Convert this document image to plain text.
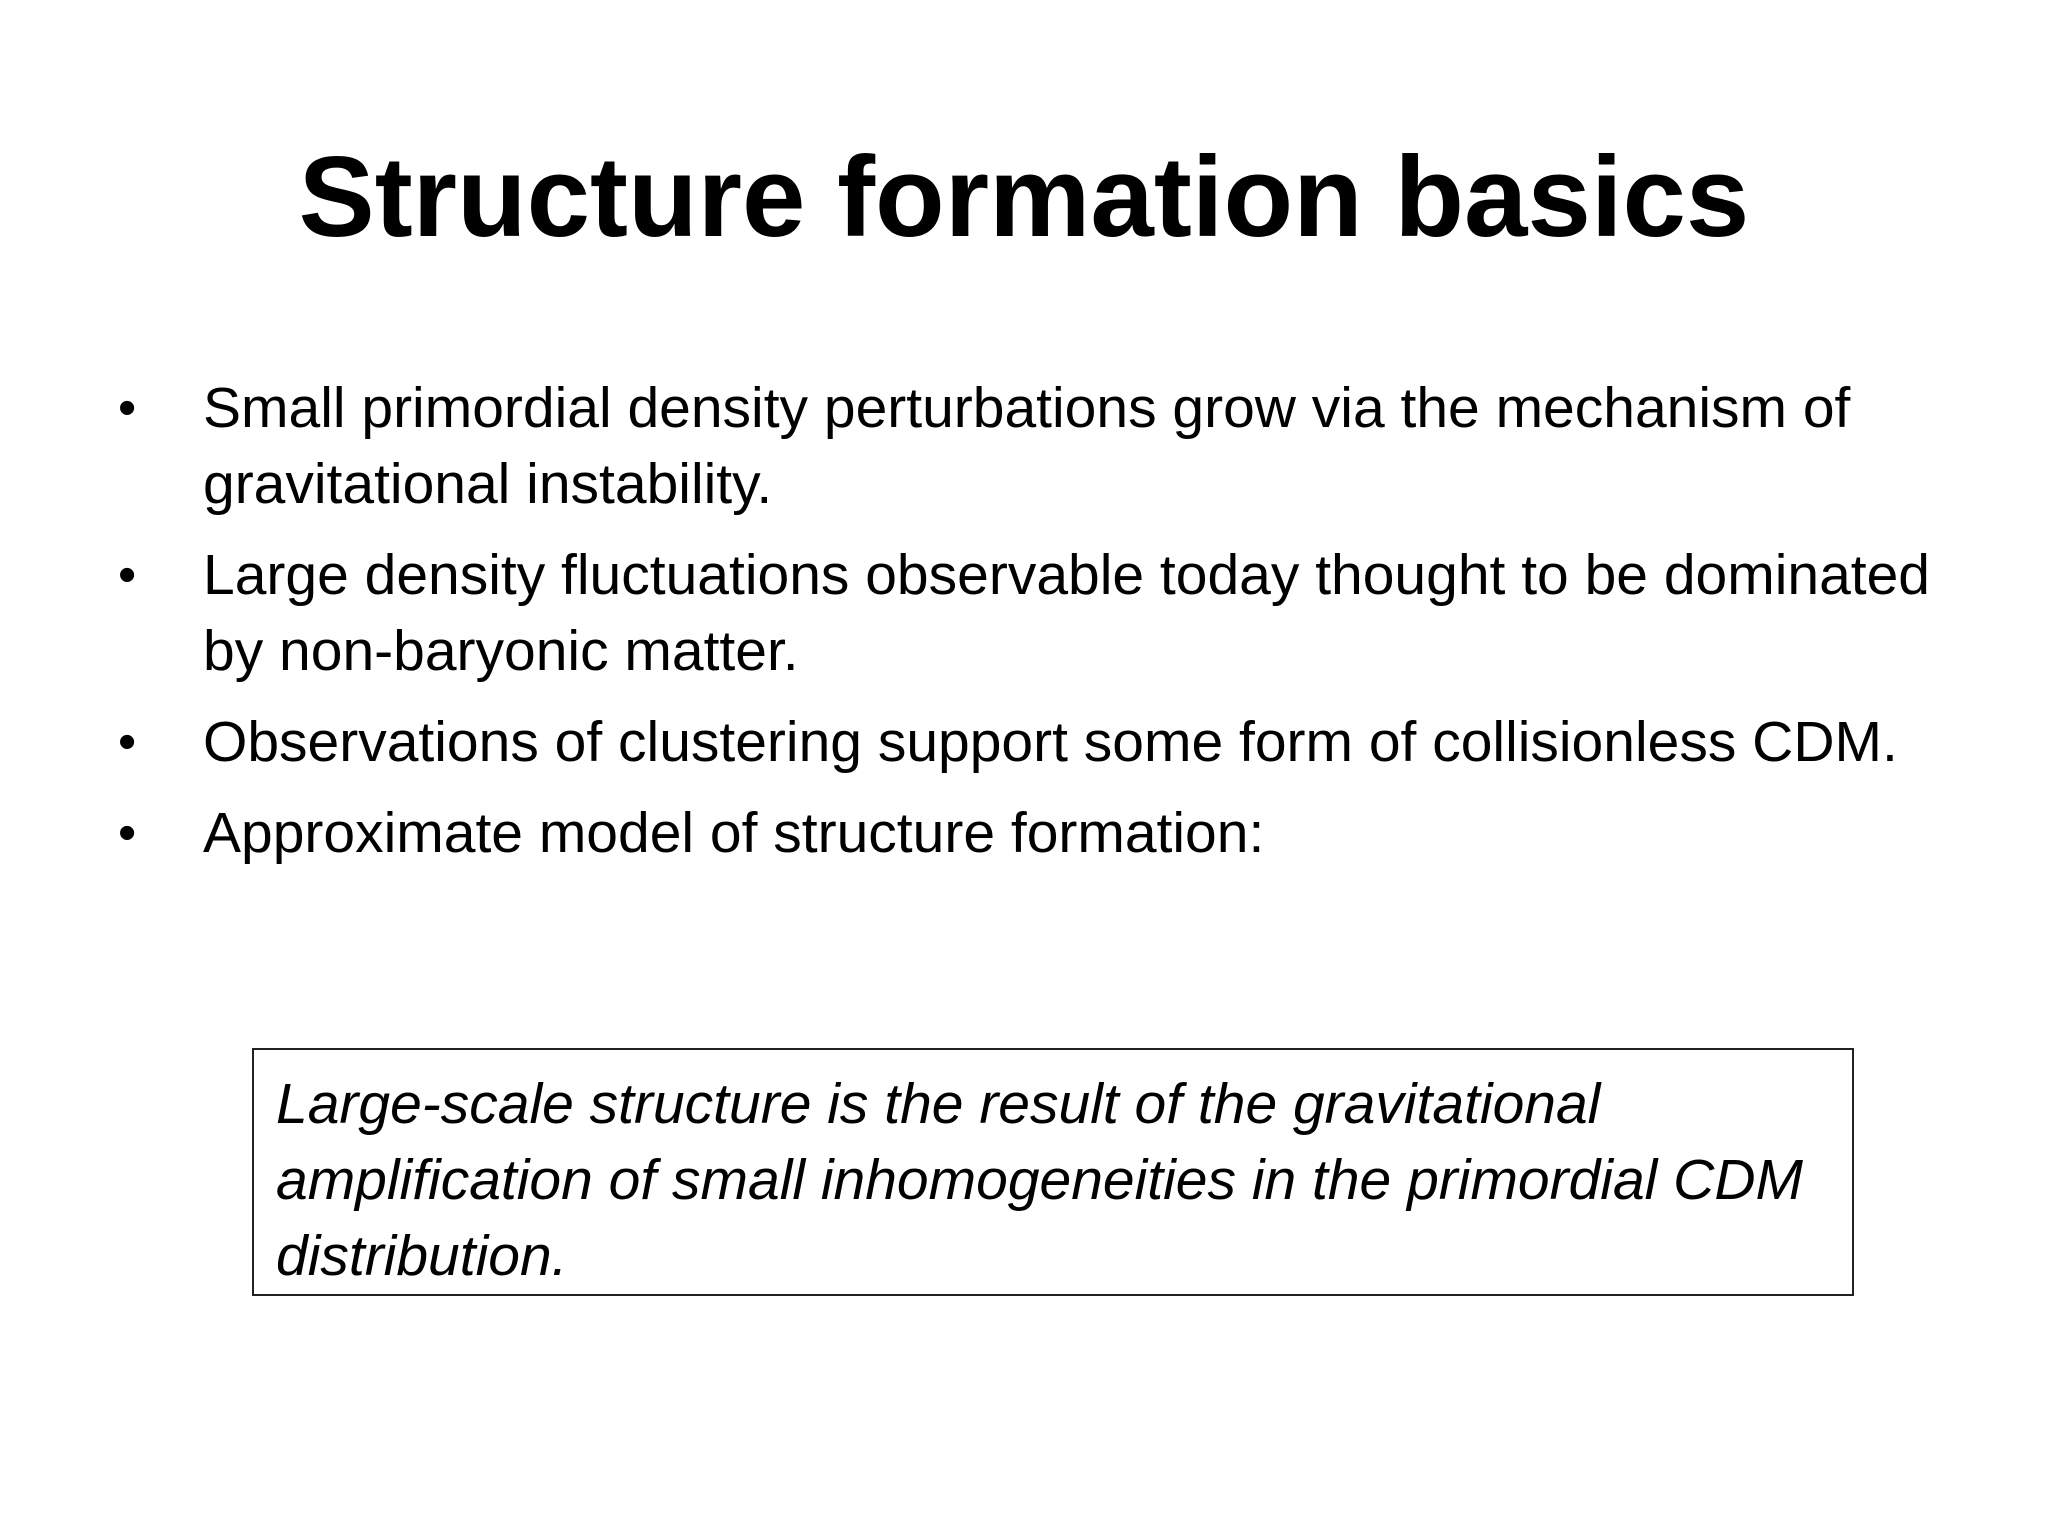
Structure formation basics
• Small primordial density perturbations grow via the mechanism of gravitational instability.
• Large density fluctuations observable today thought to be dominated by non-baryonic matter.
• Observations of clustering support some form of collisionless CDM.
• Approximate model of structure formation:
Large-scale structure is the result of the gravitational amplification of small inhomogeneities in the primordial CDM distribution.
